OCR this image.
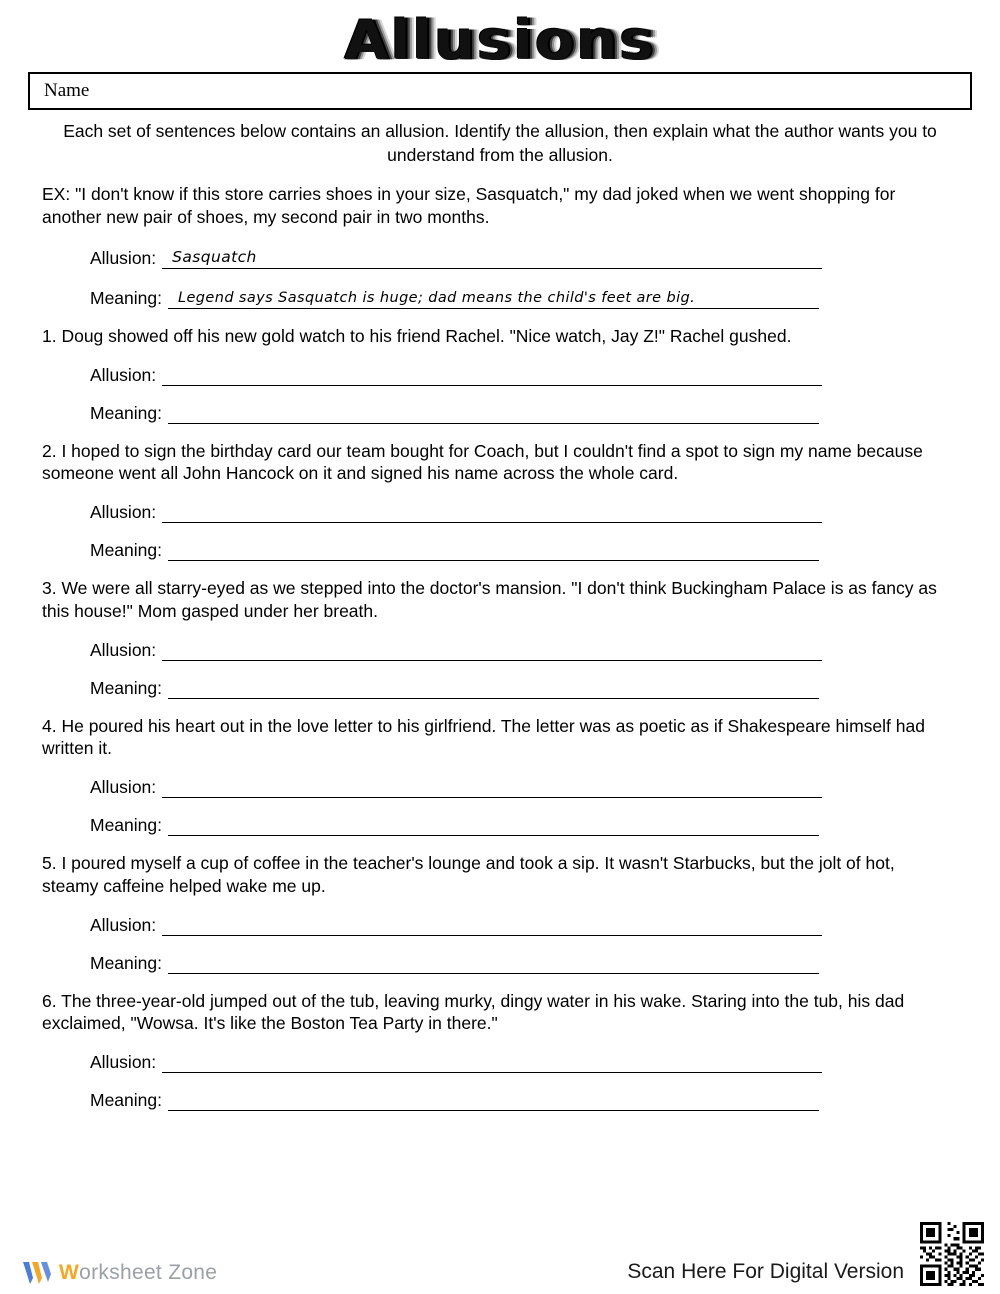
Allusions
Name
Each set of sentences below contains an allusion. Identify the allusion, then explain what the author wants you to understand from the allusion.
EX: "I don't know if this store carries shoes in your size, Sasquatch," my dad joked when we went shopping for another new pair of shoes, my second pair in two months.
Allusion:	Sasquatch
Meaning:	Legend says Sasquatch is huge; dad means the child's feet are big.
1. Doug showed off his new gold watch to his friend Rachel. "Nice watch, Jay Z!" Rachel gushed.
Allusion:
Meaning:
2. I hoped to sign the birthday card our team bought for Coach, but I couldn't find a spot to sign my name because someone went all John Hancock on it and signed his name across the whole card.
Allusion:
Meaning:
3. We were all starry-eyed as we stepped into the doctor's mansion. "I don't think Buckingham Palace is as fancy as this house!" Mom gasped under her breath.
Allusion:
Meaning:
4. He poured his heart out in the love letter to his girlfriend. The letter was as poetic as if Shakespeare himself had written it.
Allusion:
Meaning:
5. I poured myself a cup of coffee in the teacher's lounge and took a sip. It wasn't Starbucks, but the jolt of hot, steamy caffeine helped wake me up.
Allusion:
Meaning:
6. The three-year-old jumped out of the tub, leaving murky, dingy water in his wake. Staring into the tub, his dad exclaimed, "Wowsa. It's like the Boston Tea Party in there."
Allusion:
Meaning:
Worksheet Zone	Scan Here For Digital Version
